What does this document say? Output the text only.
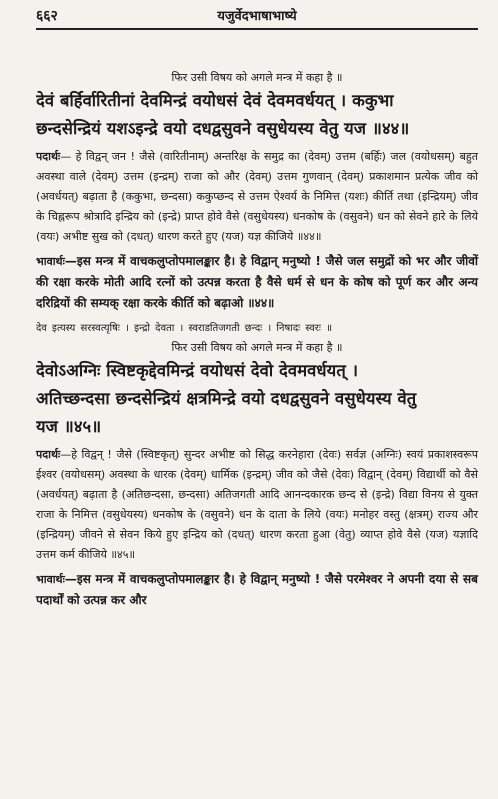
६६२	यजुर्वेदभाषाभाष्ये
फिर उसी विषय को अगले मन्त्र में कहा है ॥
देवं बर्हिर्वारितीनां देवमिन्द्रं वयोधसं देवं देवमवर्धयत् । ककुभा
छन्दसेन्द्रियं यशऽइन्द्रे वयो दधद्वसुवने वसुधेयस्य वेतु यज ॥४४॥

पदार्थः— हे विद्वन् जन ! जैसे (वारितीनाम्) अन्तरिक्ष के समुद्र का (देवम्) उत्तम (बर्हिः) जल (वयोधसम्) बहुत अवस्था वाले (देवम्) उत्तम (इन्द्रम्) राजा को और (देवम्) उत्तम गुणवान् (देवम्) प्रकाशमान प्रत्येक जीव को (अवर्धयत्) बढ़ाता है (ककुभा, छन्दसा) ककुप्छन्द से उत्तम ऐश्वर्य के निमित्त (यशः) कीर्ति तथा (इन्द्रियम्) जीव के चिह्नरूप श्रोत्रादि इन्द्रिय को (इन्द्रे) प्राप्त होवे वैसे (वसुधेयस्य) धनकोष के (वसुवने) धन को सेवने हारे के लिये (वयः) अभीष्ट सुख को (दधत्) धारण करते हुए (यज) यज्ञ कीजिये ॥४४॥

भावार्थः—इस मन्त्र में वाचकलुप्तोपमालङ्कार है। हे विद्वान् मनुष्यो ! जैसे जल समुद्रों को भर और जीवों की रक्षा करके मोती आदि रत्नों को उत्पन्न करता है वैसे धर्म से धन के कोष को पूर्ण कर और अन्य दरिद्रियों की सम्यक् रक्षा करके कीर्ति को बढ़ाओ ॥४४॥

देव इत्यस्य सरस्वत्यृषिः । इन्द्रो देवता । स्वराडतिजगती छन्दः । निषादः स्वरः ॥
फिर उसी विषय को अगले मन्त्र में कहा है ॥
देवोऽअग्निः स्विष्टकृद्देवमिन्द्रं वयोधसं देवो देवमवर्धयत् ।
अतिच्छन्दसा छन्दसेन्द्रियं क्षत्रमिन्द्रे वयो दधद्वसुवने वसुधेयस्य वेतु
यज ॥४५॥

पदार्थः—हे विद्वन् ! जैसे (स्विष्टकृत्) सुन्दर अभीष्ट को सिद्ध करनेहारा (देवः) सर्वज्ञ (अग्निः) स्वयं प्रकाशस्वरूप ईश्वर (वयोधसम्) अवस्था के धारक (देवम्) धार्मिक (इन्द्रम्) जीव को जैसे (देवः) विद्वान् (देवम्) विद्यार्थी को वैसे (अवर्धयत्) बढ़ाता है (अतिछन्दसा, छन्दसा) अतिजगती आदि आनन्दकारक छन्द से (इन्द्रे) विद्या विनय से युक्त राजा के निमित्त (वसुधेयस्य) धनकोष के (वसुवने) धन के दाता के लिये (वयः) मनोहर वस्तु (क्षत्रम्) राज्य और (इन्द्रियम्) जीवने से सेवन किये हुए इन्द्रिय को (दधत्) धारण करता हुआ (वेतु) व्याप्त होवे वैसे (यज) यज्ञादि उत्तम कर्म कीजिये ॥४५॥

भावार्थः—इस मन्त्र में वाचकलुप्तोपमालङ्कार है। हे विद्वान् मनुष्यो ! जैसे परमेश्वर ने अपनी दया से सब पदार्थों को उत्पन्न कर और
